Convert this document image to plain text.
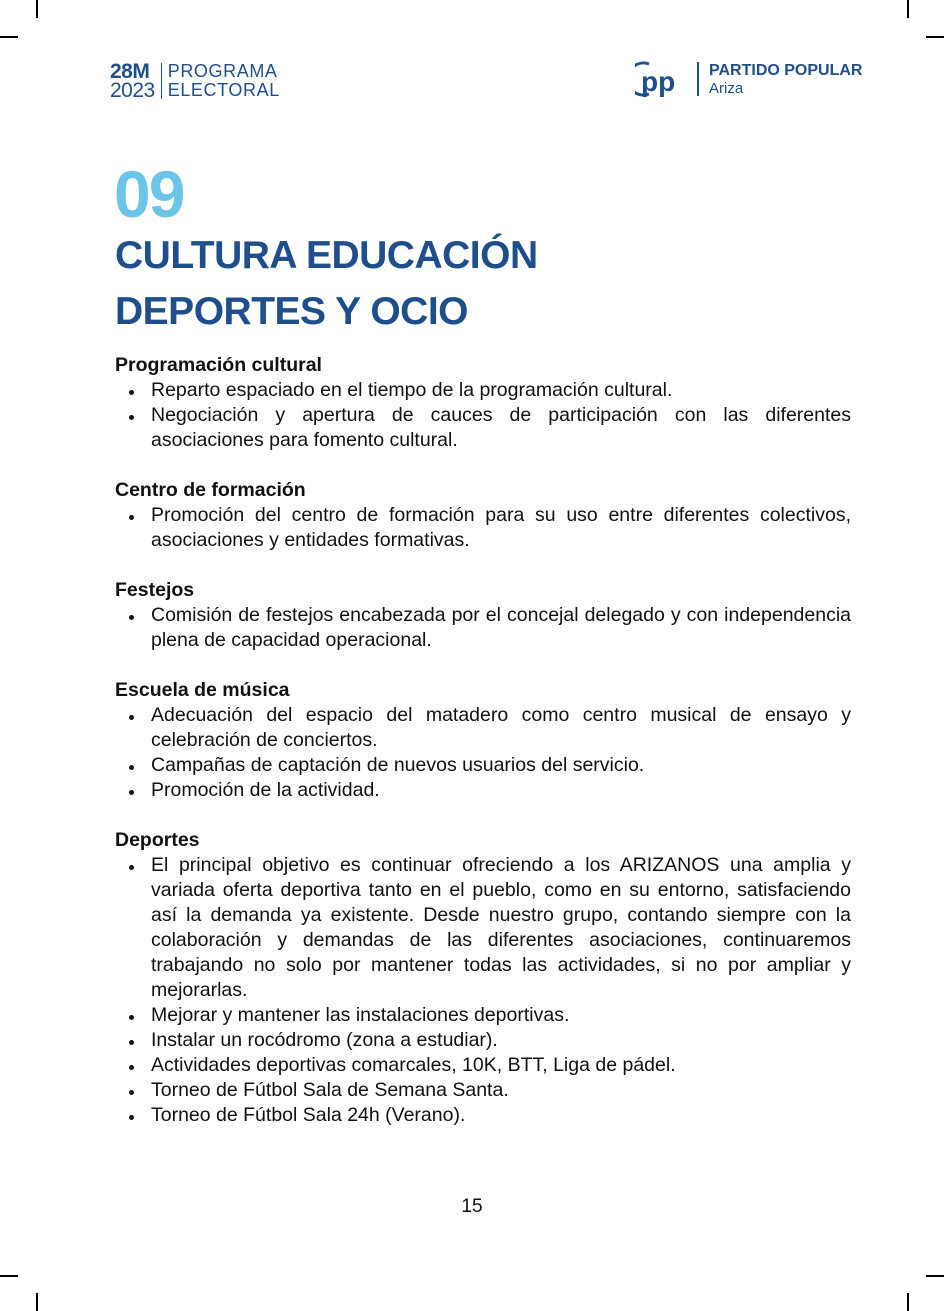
28M
2023
PROGRAMA
ELECTORAL	pp PARTIDO POPULAR
Ariza
09
CULTURA EDUCACIÓN
DEPORTES Y OCIO
Programación cultural
Reparto espaciado en el tiempo de la programación cultural.
Negociación y apertura de cauces de participación con las diferentes asociaciones para fomento cultural.
Centro de formación
Promoción del centro de formación para su uso entre diferentes colectivos, asociaciones y entidades formativas.
Festejos
Comisión de festejos encabezada por el concejal delegado y con independencia plena de capacidad operacional.
Escuela de música
Adecuación del espacio del matadero como centro musical de ensayo y celebración de conciertos.
Campañas de captación de nuevos usuarios del servicio.
Promoción de la actividad.
Deportes
El principal objetivo es continuar ofreciendo a los ARIZANOS una amplia y variada oferta deportiva tanto en el pueblo, como en su entorno, satisfaciendo así la demanda ya existente. Desde nuestro grupo, contando siempre con la colaboración y demandas de las diferentes asociaciones, continuaremos trabajando no solo por mantener todas las actividades, si no por ampliar y mejorarlas.
Mejorar y mantener las instalaciones deportivas.
Instalar un rocódromo (zona a estudiar).
Actividades deportivas comarcales, 10K, BTT, Liga de pádel.
Torneo de Fútbol Sala de Semana Santa.
Torneo de Fútbol Sala 24h (Verano).
15
